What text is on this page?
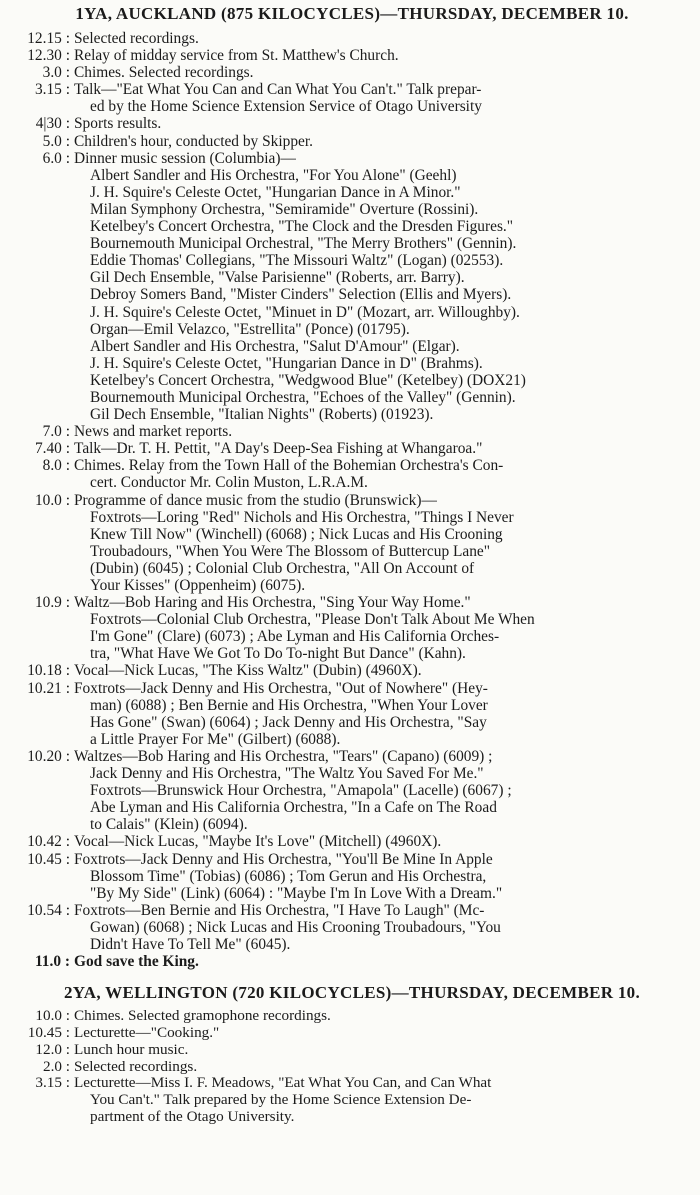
1YA, AUCKLAND (875 KILOCYCLES)—THURSDAY, DECEMBER 10.
12.15 : Selected recordings.
12.30 : Relay of midday service from St. Matthew's Church.
3.0 : Chimes. Selected recordings.
3.15 : Talk—"Eat What You Can and Can What You Can't." Talk prepar-
ed by the Home Science Extension Service of Otago University
4|30 : Sports results.
5.0 : Children's hour, conducted by Skipper.
6.0 : Dinner music session (Columbia)—
Albert Sandler and His Orchestra, "For You Alone" (Geehl)
J. H. Squire's Celeste Octet, "Hungarian Dance in A Minor."
Milan Symphony Orchestra, "Semiramide" Overture (Rossini).
Ketelbey's Concert Orchestra, "The Clock and the Dresden Figures."
Bournemouth Municipal Orchestral, "The Merry Brothers" (Gennin).
Eddie Thomas' Collegians, "The Missouri Waltz" (Logan) (02553).
Gil Dech Ensemble, "Valse Parisienne" (Roberts, arr. Barry).
Debroy Somers Band, "Mister Cinders" Selection (Ellis and Myers).
J. H. Squire's Celeste Octet, "Minuet in D" (Mozart, arr. Willoughby).
Organ—Emil Velazco, "Estrellita" (Ponce) (01795).
Albert Sandler and His Orchestra, "Salut D'Amour" (Elgar).
J. H. Squire's Celeste Octet, "Hungarian Dance in D" (Brahms).
Ketelbey's Concert Orchestra, "Wedgwood Blue" (Ketelbey) (DOX21)
Bournemouth Municipal Orchestra, "Echoes of the Valley" (Gennin).
Gil Dech Ensemble, "Italian Nights" (Roberts) (01923).
7.0 : News and market reports.
7.40 : Talk—Dr. T. H. Pettit, "A Day's Deep-Sea Fishing at Whangaroa."
8.0 : Chimes. Relay from the Town Hall of the Bohemian Orchestra's Con-
cert. Conductor Mr. Colin Muston, L.R.A.M.
10.0 : Programme of dance music from the studio (Brunswick)—
Foxtrots—Loring "Red" Nichols and His Orchestra, "Things I Never
Knew Till Now" (Winchell) (6068) ; Nick Lucas and His Crooning
Troubadours, "When You Were The Blossom of Buttercup Lane"
(Dubin) (6045) ; Colonial Club Orchestra, "All On Account of
Your Kisses" (Oppenheim) (6075).
10.9 : Waltz—Bob Haring and His Orchestra, "Sing Your Way Home."
Foxtrots—Colonial Club Orchestra, "Please Don't Talk About Me When
I'm Gone" (Clare) (6073) ; Abe Lyman and His California Orches-
tra, "What Have We Got To Do To-night But Dance" (Kahn).
10.18 : Vocal—Nick Lucas, "The Kiss Waltz" (Dubin) (4960X).
10.21 : Foxtrots—Jack Denny and His Orchestra, "Out of Nowhere" (Hey-
man) (6088) ; Ben Bernie and His Orchestra, "When Your Lover
Has Gone" (Swan) (6064) ; Jack Denny and His Orchestra, "Say
a Little Prayer For Me" (Gilbert) (6088).
10.20 : Waltzes—Bob Haring and His Orchestra, "Tears" (Capano) (6009) ;
Jack Denny and His Orchestra, "The Waltz You Saved For Me."
Foxtrots—Brunswick Hour Orchestra, "Amapola" (Lacelle) (6067) ;
Abe Lyman and His California Orchestra, "In a Cafe on The Road
to Calais" (Klein) (6094).
10.42 : Vocal—Nick Lucas, "Maybe It's Love" (Mitchell) (4960X).
10.45 : Foxtrots—Jack Denny and His Orchestra, "You'll Be Mine In Apple
Blossom Time" (Tobias) (6086) ; Tom Gerun and His Orchestra,
"By My Side" (Link) (6064) : "Maybe I'm In Love With a Dream."
10.54 : Foxtrots—Ben Bernie and His Orchestra, "I Have To Laugh" (Mc-
Gowan) (6068) ; Nick Lucas and His Crooning Troubadours, "You
Didn't Have To Tell Me" (6045).
11.0 : God save the King.
2YA, WELLINGTON (720 KILOCYCLES)—THURSDAY, DECEMBER 10.
10.0 : Chimes. Selected gramophone recordings.
10.45 : Lecturette—"Cooking."
12.0 : Lunch hour music.
2.0 : Selected recordings.
3.15 : Lecturette—Miss I. F. Meadows, "Eat What You Can, and Can What
You Can't." Talk prepared by the Home Science Extension De-
partment of the Otago University.
